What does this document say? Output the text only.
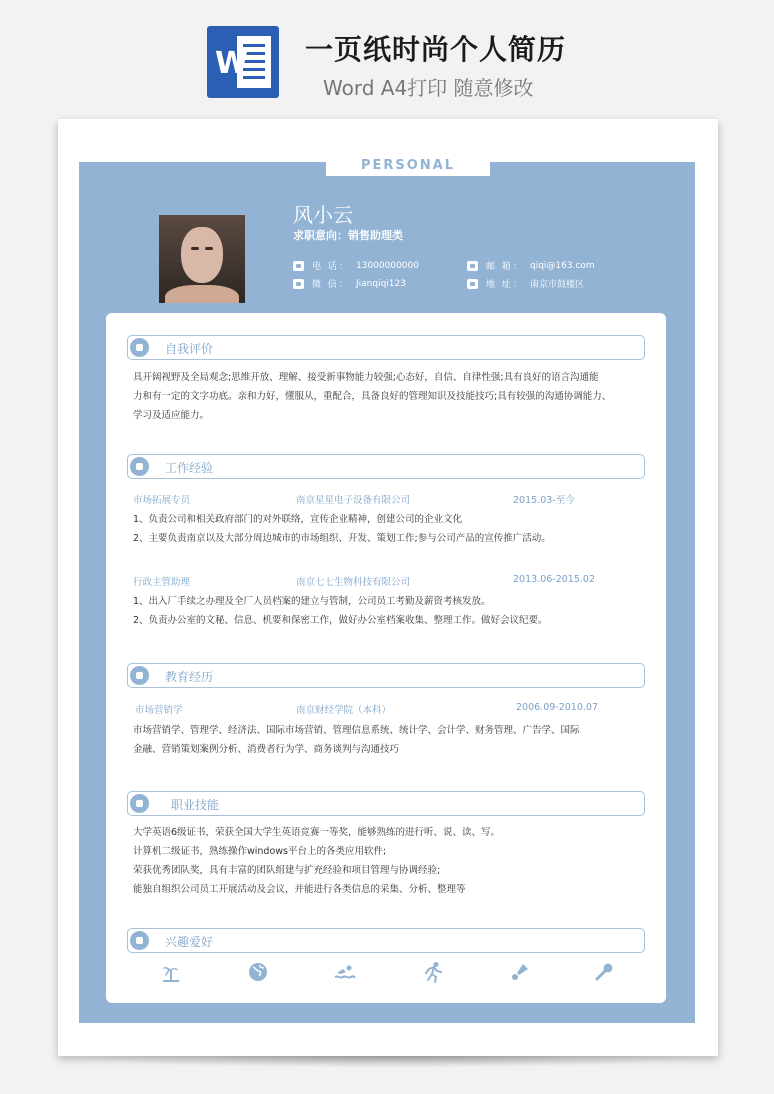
W 一页纸时尚个人简历
Word A4打印 随意修改
PERSONAL RESUME
风小云
求职意向：销售助理类
电 话： 13000000000	邮 箱： qiqi@163.com
微 信： Jianqiqi123	地 址： 南京市鼓楼区
自我评价
具开阔视野及全局观念;思维开放、理解、接受新事物能力较强;心态好，自信、自律性强;具有良好的语言沟通能
力和有一定的文字功底。亲和力好，懂服从，重配合，具备良好的管理知识及技能技巧;具有较强的沟通协调能力、
学习及适应能力。
工作经验
市场拓展专员	南京星星电子设备有限公司	2015.03-至今
1、负责公司和相关政府部门的对外联络，宣传企业精神，创建公司的企业文化
2、主要负责南京以及大部分周边城市的市场组织、开发、策划工作;参与公司产品的宣传推广活动。
行政主管助理	南京七七生物科技有限公司	2013.06-2015.02
1、出入厂手续之办理及全厂人员档案的建立与管制，公司员工考勤及薪资考核发放。
2、负责办公室的文秘、信息、机要和保密工作，做好办公室档案收集、整理工作。做好会议纪要。
教育经历
市场营销学	南京财经学院（本科）	2006.09-2010.07
市场营销学、管理学、经济法、国际市场营销、管理信息系统、统计学、会计学、财务管理、广告学、国际
金融、营销策划案例分析、消费者行为学、商务谈判与沟通技巧
职业技能
大学英语6级证书，荣获全国大学生英语竞赛一等奖，能够熟练的进行听、说、读、写。
计算机二级证书，熟练操作windows平台上的各类应用软件;
荣获优秀团队奖，具有丰富的团队组建与扩充经验和项目管理与协调经验;
能独自组织公司员工开展活动及会议，并能进行各类信息的采集、分析、整理等
兴趣爱好
